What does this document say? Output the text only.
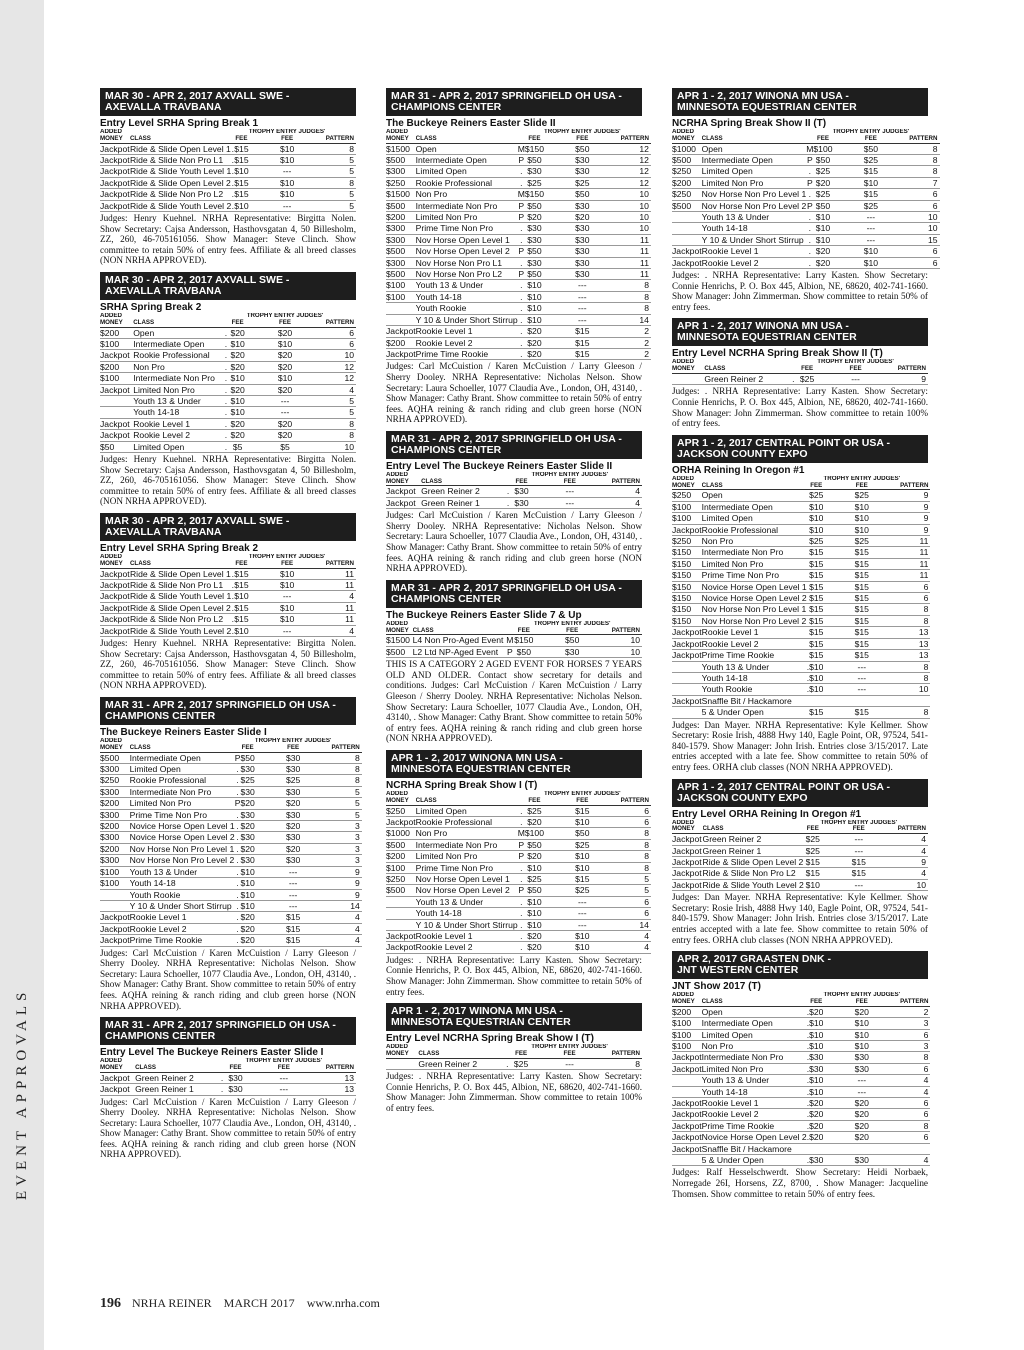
EVENT APPROVALS
MAR 30 - APR 2, 2017 AXVALL SWE -
AXEVALLA TRAVBANA
Entry Level SRHA Spring Break 1
ADDED
MONEY	CLASS		FEE	TROPHY ENTRY JUDGES'
FEE	PATTERN
Jackpot	Ride & Slide Open Level 1	.	$15	$10	8
Jackpot	Ride & Slide Non Pro L1	.	$15	$10	5
Jackpot	Ride & Slide Youth Level 1	.	$10	---	5
Jackpot	Ride & Slide Open Level 2	.	$15	$10	8
Jackpot	Ride & Slide Non Pro L2	.	$15	$10	5
Jackpot	Ride & Slide Youth Level 2	.	$10	---	5
Judges: Henry Kuehnel. NRHA Representative: Birgitta Nolen. Show Secretary: Cajsa Andersson, Hasthovsgatan 4, 50 Billesholm, ZZ, 260, 46-705161056. Show Manager: Steve Clinch. Show committee to retain 50% of entry fees. Affiliate & all breed classes (NON NRHA APPROVED).
MAR 30 - APR 2, 2017 AXVALL SWE -
AXEVALLA TRAVBANA
SRHA Spring Break 2
ADDED
MONEY	CLASS		FEE	TROPHY ENTRY JUDGES'
FEE	PATTERN
$200	Open	.	$20	$20	6
$100	Intermediate Open	.	$10	$10	6
Jackpot	Rookie Professional	.	$20	$20	10
$200	Non Pro	.	$20	$20	12
$100	Intermediate Non Pro	.	$10	$10	12
Jackpot	Limited Non Pro	.	$20	$20	4
	Youth 13 & Under	.	$10	---	5
	Youth 14-18	.	$10	---	5
Jackpot	Rookie Level 1	.	$20	$20	8
Jackpot	Rookie Level 2	.	$20	$20	8
$50	Limited Open	.	$5	$5	10
Judges: Henry Kuehnel. NRHA Representative: Birgitta Nolen. Show Secretary: Cajsa Andersson, Hasthovsgatan 4, 50 Billesholm, ZZ, 260, 46-705161056. Show Manager: Steve Clinch. Show committee to retain 50% of entry fees. Affiliate & all breed classes (NON NRHA APPROVED).
MAR 30 - APR 2, 2017 AXVALL SWE -
AXEVALLA TRAVBANA
Entry Level SRHA Spring Break 2
ADDED
MONEY	CLASS		FEE	TROPHY ENTRY JUDGES'
FEE	PATTERN
Jackpot	Ride & Slide Open Level 1	.	$15	$10	11
Jackpot	Ride & Slide Non Pro L1	.	$15	$10	11
Jackpot	Ride & Slide Youth Level 1	.	$10	---	4
Jackpot	Ride & Slide Open Level 2	.	$15	$10	11
Jackpot	Ride & Slide Non Pro L2	.	$15	$10	11
Jackpot	Ride & Slide Youth Level 2	.	$10	---	4
Judges: Henry Kuehnel. NRHA Representative: Birgitta Nolen. Show Secretary: Cajsa Andersson, Hasthovsgatan 4, 50 Billesholm, ZZ, 260, 46-705161056. Show Manager: Steve Clinch. Show committee to retain 50% of entry fees. Affiliate & all breed classes (NON NRHA APPROVED).
MAR 31 - APR 2, 2017 SPRINGFIELD OH USA -
CHAMPIONS CENTER
The Buckeye Reiners Easter Slide I
ADDED
MONEY	CLASS		FEE	TROPHY ENTRY JUDGES'
FEE	PATTERN
$500	Intermediate Open	P	$50	$30	8
$300	Limited Open	.	$30	$30	8
$250	Rookie Professional	.	$25	$25	8
$300	Intermediate Non Pro	.	$30	$30	5
$200	Limited Non Pro	P	$20	$20	5
$300	Prime Time Non Pro	.	$30	$30	5
$200	Novice Horse Open Level 1	.	$20	$20	3
$300	Novice Horse Open Level 2	.	$30	$30	3
$200	Nov Horse Non Pro Level 1	.	$20	$20	3
$300	Nov Horse Non Pro Level 2	.	$30	$30	3
$100	Youth 13 & Under	.	$10	---	9
$100	Youth 14-18	.	$10	---	9
	Youth Rookie	.	$10	---	9
	Y 10 & Under Short Stirrup	.	$10	---	14
Jackpot	Rookie Level 1	.	$20	$15	4
Jackpot	Rookie Level 2	.	$20	$15	4
Jackpot	Prime Time Rookie	.	$20	$15	4
Judges: Carl McCuistion / Karen McCuistion / Larry Gleeson / Sherry Dooley. NRHA Representative: Nicholas Nelson. Show Secretary: Laura Schoeller, 1077 Claudia Ave., London, OH, 43140, . Show Manager: Cathy Brant. Show committee to retain 50% of entry fees. AQHA reining & ranch riding and club green horse (NON NRHA APPROVED).
MAR 31 - APR 2, 2017 SPRINGFIELD OH USA -
CHAMPIONS CENTER
Entry Level The Buckeye Reiners Easter Slide I
ADDED
MONEY	CLASS		FEE	TROPHY ENTRY JUDGES'
FEE	PATTERN
Jackpot	Green Reiner 2	.	$30	---	13
Jackpot	Green Reiner 1	.	$30	---	13
Judges: Carl McCuistion / Karen McCuistion / Larry Gleeson / Sherry Dooley. NRHA Representative: Nicholas Nelson. Show Secretary: Laura Schoeller, 1077 Claudia Ave., London, OH, 43140, . Show Manager: Cathy Brant. Show committee to retain 50% of entry fees. AQHA reining & ranch riding and club green horse (NON NRHA APPROVED).
MAR 31 - APR 2, 2017 SPRINGFIELD OH USA -
CHAMPIONS CENTER
The Buckeye Reiners Easter Slide II
ADDED
MONEY	CLASS		FEE	TROPHY ENTRY JUDGES'
FEE	PATTERN
$1500	Open	M	$150	$50	12
$500	Intermediate Open	P	$50	$30	12
$300	Limited Open	.	$30	$30	12
$250	Rookie Professional	.	$25	$25	12
$1500	Non Pro	M	$150	$50	10
$500	Intermediate Non Pro	P	$50	$30	10
$200	Limited Non Pro	P	$20	$20	10
$300	Prime Time Non Pro	.	$30	$30	10
$300	Nov Horse Open Level 1	.	$30	$30	11
$500	Nov Horse Open Level 2	P	$50	$30	11
$300	Nov Horse Non Pro L1	.	$30	$30	11
$500	Nov Horse Non Pro L2	P	$50	$30	11
$100	Youth 13 & Under	.	$10	---	8
$100	Youth 14-18	.	$10	---	8
	Youth Rookie	.	$10	---	8
	Y 10 & Under Short Stirrup	.	$10	---	14
Jackpot	Rookie Level 1	.	$20	$15	2
$200	Rookie Level 2	.	$20	$15	2
Jackpot	Prime Time Rookie	.	$20	$15	2
Judges: Carl McCuistion / Karen McCuistion / Larry Gleeson / Sherry Dooley. NRHA Representative: Nicholas Nelson. Show Secretary: Laura Schoeller, 1077 Claudia Ave., London, OH, 43140, . Show Manager: Cathy Brant. Show committee to retain 50% of entry fees. AQHA reining & ranch riding and club green horse (NON NRHA APPROVED).
MAR 31 - APR 2, 2017 SPRINGFIELD OH USA -
CHAMPIONS CENTER
Entry Level The Buckeye Reiners Easter Slide II
ADDED
MONEY	CLASS		FEE	TROPHY ENTRY JUDGES'
FEE	PATTERN
Jackpot	Green Reiner 2	.	$30	---	4
Jackpot	Green Reiner 1	.	$30	---	4
Judges: Carl McCuistion / Karen McCuistion / Larry Gleeson / Sherry Dooley. NRHA Representative: Nicholas Nelson. Show Secretary: Laura Schoeller, 1077 Claudia Ave., London, OH, 43140, . Show Manager: Cathy Brant. Show committee to retain 50% of entry fees. AQHA reining & ranch riding and club green horse (NON NRHA APPROVED).
MAR 31 - APR 2, 2017 SPRINGFIELD OH USA -
CHAMPIONS CENTER
The Buckeye Reiners Easter Slide 7 & Up
ADDED
MONEY	CLASS		FEE	TROPHY ENTRY JUDGES'
FEE	PATTERN
$1500	L4 Non Pro-Aged Event	M	$150	$50	10
$500	L2 Ltd NP-Aged Event	P	$50	$30	10
THIS IS A CATEGORY 2 AGED EVENT FOR HORSES 7 YEARS OLD AND OLDER. Contact show secretary for details and conditions. Judges: Carl McCuistion / Karen McCuistion / Larry Gleeson / Sherry Dooley. NRHA Representative: Nicholas Nelson. Show Secretary: Laura Schoeller, 1077 Claudia Ave., London, OH, 43140, . Show Manager: Cathy Brant. Show committee to retain 50% of entry fees. AQHA reining & ranch riding and club green horse (NON NRHA APPROVED).
APR 1 - 2, 2017 WINONA MN USA -
MINNESOTA EQUESTRIAN CENTER
NCRHA Spring Break Show I (T)
ADDED
MONEY	CLASS		FEE	TROPHY ENTRY JUDGES'
FEE	PATTERN
$250	Limited Open	.	$25	$15	6
Jackpot	Rookie Professional	.	$20	$10	6
$1000	Non Pro	M	$100	$50	8
$500	Intermediate Non Pro	P	$50	$25	8
$200	Limited Non Pro	P	$20	$10	8
$100	Prime Time Non Pro	.	$10	$10	8
$250	Nov Horse Open Level 1	.	$25	$15	5
$500	Nov Horse Open Level 2	P	$50	$25	5
	Youth 13 & Under	.	$10	---	6
	Youth 14-18	.	$10	---	6
	Y 10 & Under Short Stirrup	.	$10	---	14
Jackpot	Rookie Level 1	.	$20	$10	4
Jackpot	Rookie Level 2	.	$20	$10	4
Judges: . NRHA Representative: Larry Kasten. Show Secretary: Connie Henrichs, P. O. Box 445, Albion, NE, 68620, 402-741-1660. Show Manager: John Zimmerman. Show committee to retain 50% of entry fees.
APR 1 - 2, 2017 WINONA MN USA -
MINNESOTA EQUESTRIAN CENTER
Entry Level NCRHA Spring Break Show I (T)
ADDED
MONEY	CLASS		FEE	TROPHY ENTRY JUDGES'
FEE	PATTERN
	Green Reiner 2	.	$25	---	8
Judges: . NRHA Representative: Larry Kasten. Show Secretary: Connie Henrichs, P. O. Box 445, Albion, NE, 68620, 402-741-1660. Show Manager: John Zimmerman. Show committee to retain 100% of entry fees.
APR 1 - 2, 2017 WINONA MN USA -
MINNESOTA EQUESTRIAN CENTER
NCRHA Spring Break Show II (T)
ADDED
MONEY	CLASS		FEE	TROPHY ENTRY JUDGES'
FEE	PATTERN
$1000	Open	M	$100	$50	8
$500	Intermediate Open	P	$50	$25	8
$250	Limited Open	.	$25	$15	8
$200	Limited Non Pro	P	$20	$10	7
$250	Nov Horse Non Pro Level 1	.	$25	$15	6
$500	Nov Horse Non Pro Level 2	P	$50	$25	6
	Youth 13 & Under	.	$10	---	10
	Youth 14-18	.	$10	---	10
	Y 10 & Under Short Stirrup	.	$10	---	15
Jackpot	Rookie Level 1	.	$20	$10	6
Jackpot	Rookie Level 2	.	$20	$10	6
Judges: . NRHA Representative: Larry Kasten. Show Secretary: Connie Henrichs, P. O. Box 445, Albion, NE, 68620, 402-741-1660. Show Manager: John Zimmerman. Show committee to retain 50% of entry fees.
APR 1 - 2, 2017 WINONA MN USA -
MINNESOTA EQUESTRIAN CENTER
Entry Level NCRHA Spring Break Show II (T)
ADDED
MONEY	CLASS		FEE	TROPHY ENTRY JUDGES'
FEE	PATTERN
	Green Reiner 2	.	$25	---	9
Judges: . NRHA Representative: Larry Kasten. Show Secretary: Connie Henrichs, P. O. Box 445, Albion, NE, 68620, 402-741-1660. Show Manager: John Zimmerman. Show committee to retain 100% of entry fees.
APR 1 - 2, 2017 CENTRAL POINT OR USA -
JACKSON COUNTY EXPO
ORHA Reining In Oregon #1
ADDED
MONEY	CLASS		FEE	TROPHY ENTRY JUDGES'
FEE	PATTERN
$250	Open		$25	$25	9
$100	Intermediate Open		$10	$10	9
$100	Limited Open		$10	$10	9
Jackpot	Rookie Professional		$10	$10	9
$250	Non Pro		$25	$25	11
$150	Intermediate Non Pro		$15	$15	11
$150	Limited Non Pro		$15	$15	11
$150	Prime Time Non Pro		$15	$15	11
$150	Novice Horse Open Level 1		$15	$15	6
$150	Novice Horse Open Level 2		$15	$15	6
$150	Nov Horse Non Pro Level 1		$15	$15	8
$150	Nov Horse Non Pro Level 2		$15	$15	8
Jackpot	Rookie Level 1		$15	$15	13
Jackpot	Rookie Level 2		$15	$15	13
Jackpot	Prime Time Rookie		$15	$15	13
	Youth 13 & Under	.	$10	---	8
	Youth 14-18	.	$10	---	8
	Youth Rookie	.	$10	---	10
Jackpot	Snaffle Bit / Hackamore				
	5 & Under Open		$15	$15	8
Judges: Dan Mayer. NRHA Representative: Kyle Kellmer. Show Secretary: Rosie Irish, 4888 Hwy 140, Eagle Point, OR, 97524, 541-840-1579. Show Manager: John Irish. Entries close 3/15/2017. Late entries accepted with a late fee. Show committee to retain 50% of entry fees. ORHA club classes (NON NRHA APPROVED).
APR 1 - 2, 2017 CENTRAL POINT OR USA -
JACKSON COUNTY EXPO
Entry Level ORHA Reining In Oregon #1
ADDED
MONEY	CLASS		FEE	TROPHY ENTRY JUDGES'
FEE	PATTERN
Jackpot	Green Reiner 2		$25	---	4
Jackpot	Green Reiner 1		$25	---	4
Jackpot	Ride & Slide Open Level 2		$15	$15	9
Jackpot	Ride & Slide Non Pro L2		$15	$15	4
Jackpot	Ride & Slide Youth Level 2		$10	---	10
Judges: Dan Mayer. NRHA Representative: Kyle Kellmer. Show Secretary: Rosie Irish, 4888 Hwy 140, Eagle Point, OR, 97524, 541-840-1579. Show Manager: John Irish. Entries close 3/15/2017. Late entries accepted with a late fee. Show committee to retain 50% of entry fees. ORHA club classes (NON NRHA APPROVED).
APR 2, 2017 GRAASTEN DNK -
JNT WESTERN CENTER
JNT Show 2017 (T)
ADDED
MONEY	CLASS		FEE	TROPHY ENTRY JUDGES'
FEE	PATTERN
$200	Open	.	$20	$20	2
$100	Intermediate Open	.	$10	$10	3
$100	Limited Open	.	$10	$10	6
$100	Non Pro	.	$10	$10	3
Jackpot	Intermediate Non Pro	.	$30	$30	8
Jackpot	Limited Non Pro	.	$30	$30	6
	Youth 13 & Under	.	$10	---	4
	Youth 14-18	.	$10	---	4
Jackpot	Rookie Level 1	.	$20	$20	6
Jackpot	Rookie Level 2	.	$20	$20	6
Jackpot	Prime Time Rookie	.	$20	$20	8
Jackpot	Novice Horse Open Level 2	.	$20	$20	6
Jackpot	Snaffle Bit / Hackamore				
	5 & Under Open	.	$30	$30	4
Judges: Ralf Hesselschwerdt. Show Secretary: Heidi Norbaek, Norregade 26I, Horsens, ZZ, 8700, . Show Manager: Jacqueline Thomsen. Show committee to retain 50% of entry fees.
196 NRHA REINER MARCH 2017 www.nrha.com
